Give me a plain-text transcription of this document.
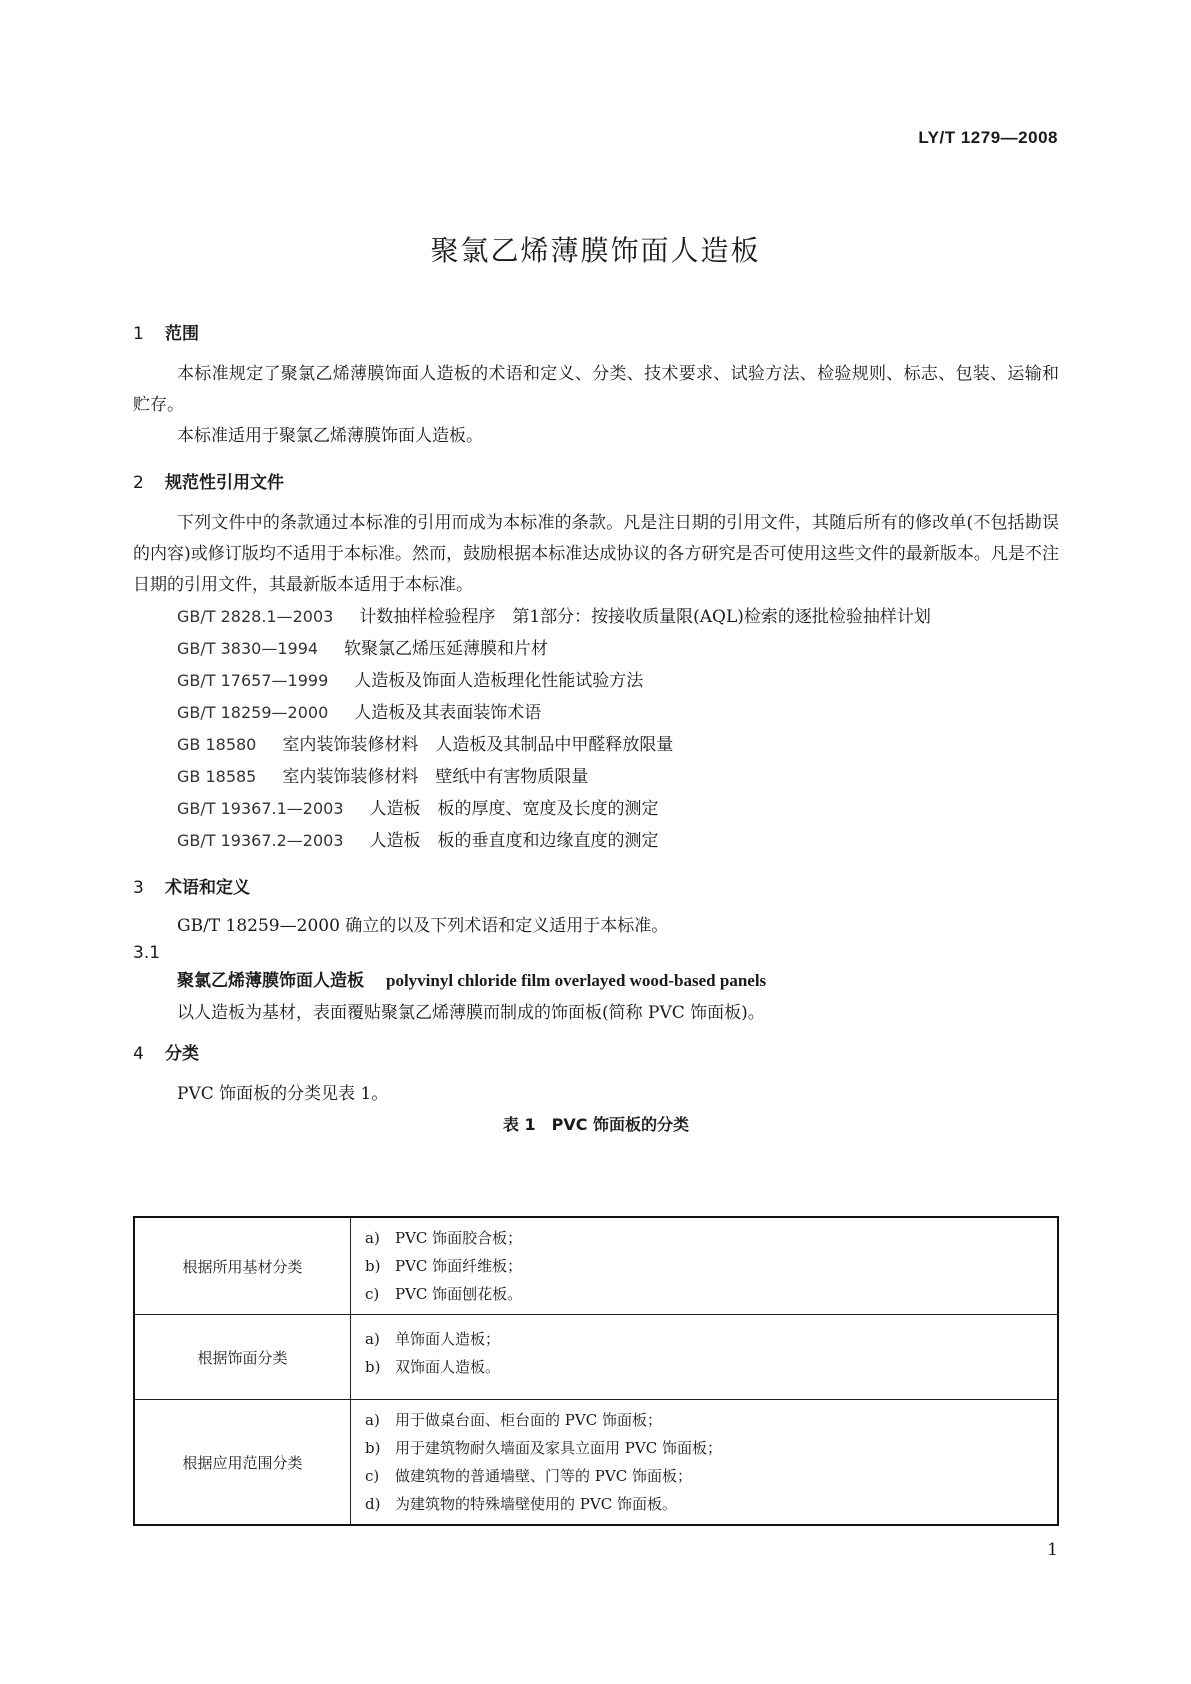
LY/T 1279—2008
聚氯乙烯薄膜饰面人造板
1 范围

本标准规定了聚氯乙烯薄膜饰面人造板的术语和定义、分类、技术要求、试验方法、检验规则、标志、包装、运输和贮存。

本标准适用于聚氯乙烯薄膜饰面人造板。

2 规范性引用文件

下列文件中的条款通过本标准的引用而成为本标准的条款。凡是注日期的引用文件，其随后所有的修改单(不包括勘误的内容)或修订版均不适用于本标准。然而，鼓励根据本标准达成协议的各方研究是否可使用这些文件的最新版本。凡是不注日期的引用文件，其最新版本适用于本标准。

GB/T 2828.1—2003 计数抽样检验程序　第1部分：按接收质量限(AQL)检索的逐批检验抽样计划

GB/T 3830—1994 软聚氯乙烯压延薄膜和片材

GB/T 17657—1999 人造板及饰面人造板理化性能试验方法

GB/T 18259—2000 人造板及其表面装饰术语

GB 18580 室内装饰装修材料　人造板及其制品中甲醛释放限量

GB 18585 室内装饰装修材料　壁纸中有害物质限量

GB/T 19367.1—2003 人造板　板的厚度、宽度及长度的测定

GB/T 19367.2—2003 人造板　板的垂直度和边缘直度的测定

3 术语和定义

GB/T 18259—2000 确立的以及下列术语和定义适用于本标准。

3.1

聚氯乙烯薄膜饰面人造板 polyvinyl chloride film overlayed wood-based panels

以人造板为基材，表面覆贴聚氯乙烯薄膜而制成的饰面板(简称 PVC 饰面板)。

4 分类

PVC 饰面板的分类见表 1。

表 1　PVC 饰面板的分类

根据所用基材分类	a) PVC 饰面胶合板；
b) PVC 饰面纤维板；
c) PVC 饰面刨花板。

根据饰面分类	a) 单饰面人造板；
b) 双饰面人造板。

根据应用范围分类	a) 用于做桌台面、柜台面的 PVC 饰面板；
b) 用于建筑物耐久墙面及家具立面用 PVC 饰面板；
c) 做建筑物的普通墙壁、门等的 PVC 饰面板；
d) 为建筑物的特殊墙壁使用的 PVC 饰面板。
1
